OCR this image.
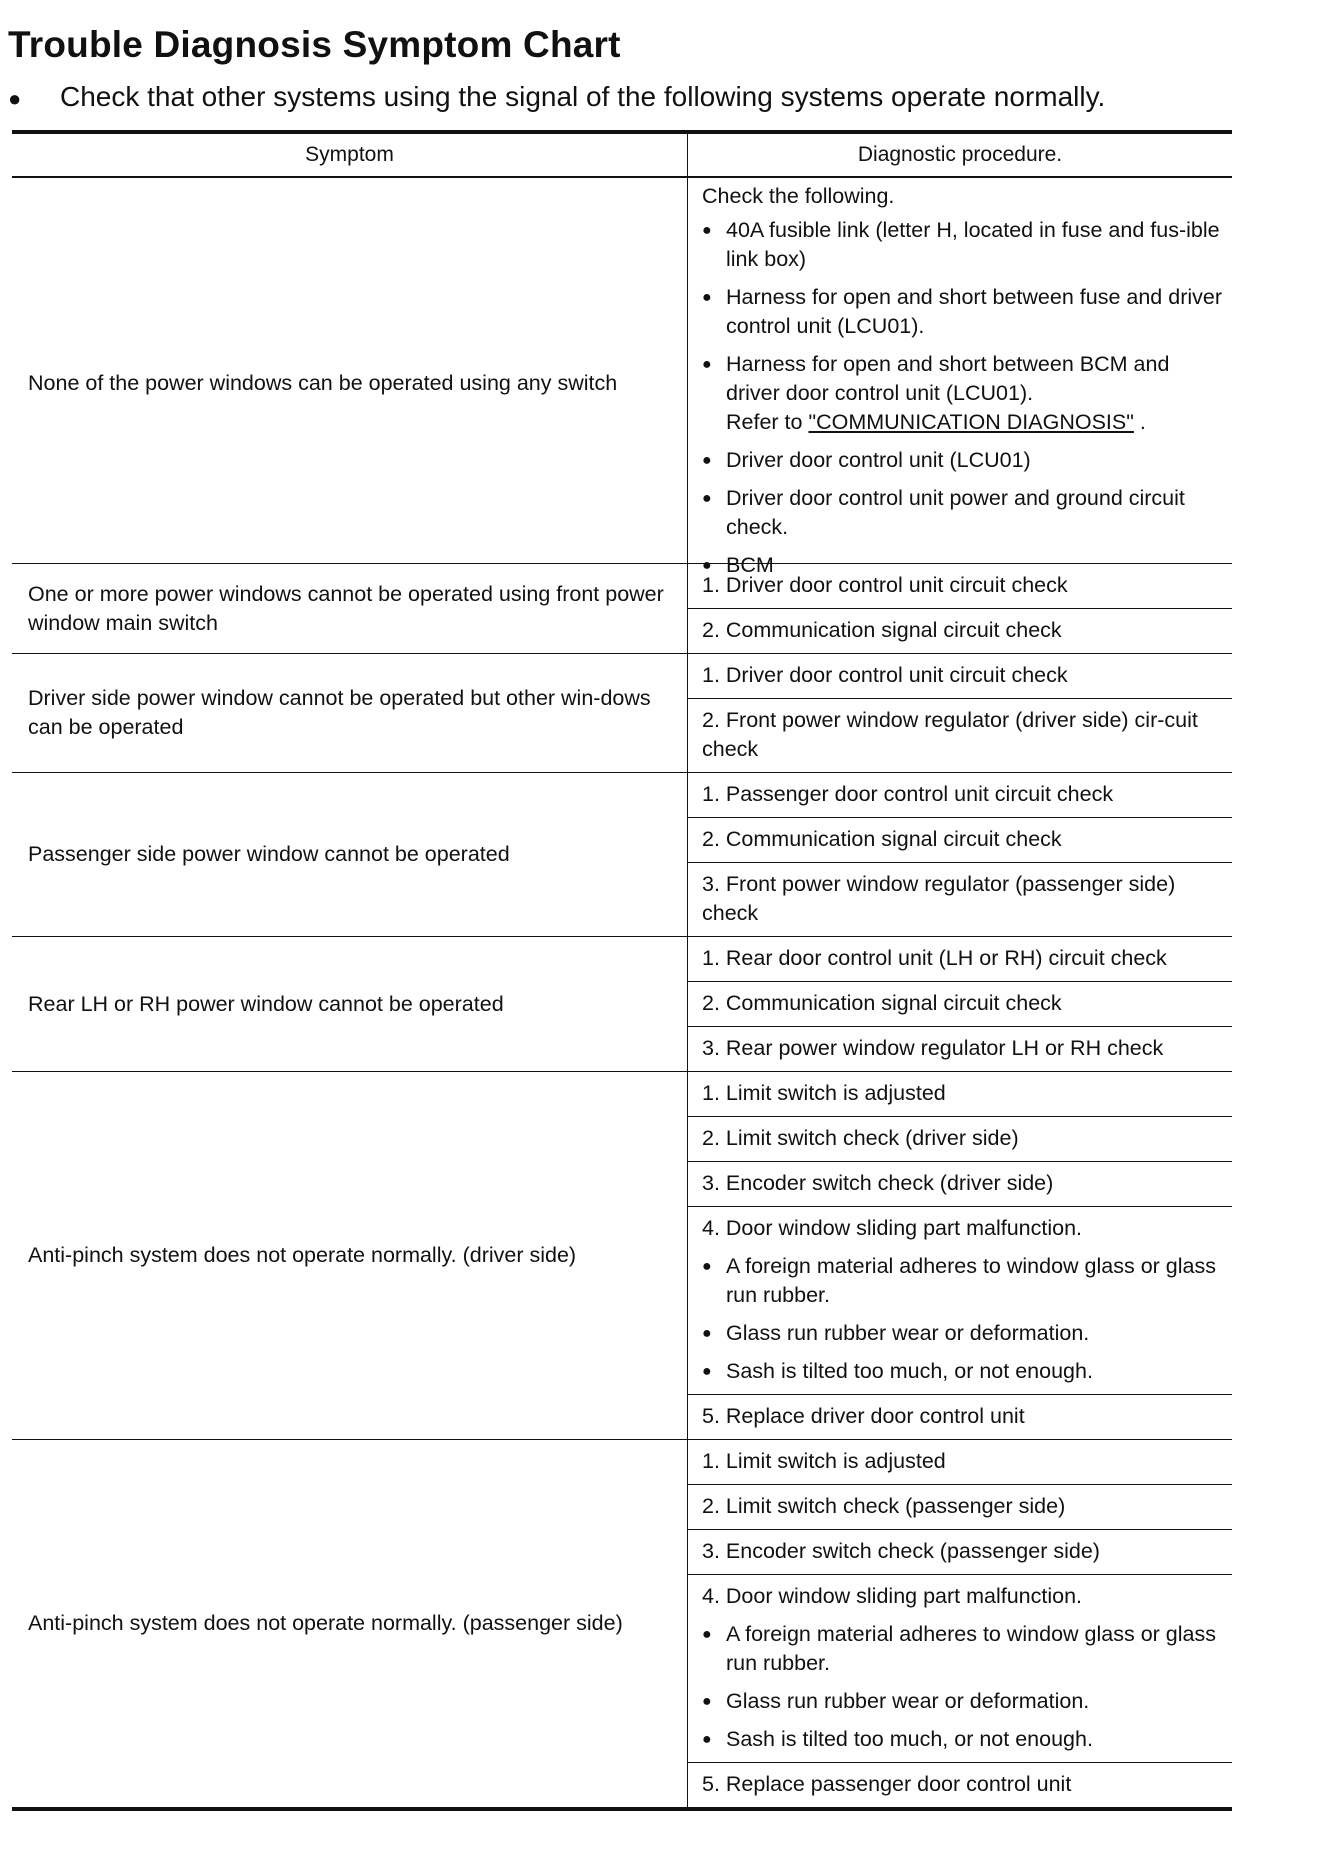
Trouble Diagnosis Symptom Chart
● Check that other systems using the signal of the following systems operate normally.
Symptom	Diagnostic procedure.
None of the power windows can be operated using any switch
Check the following.
● 40A fusible link (letter H, located in fuse and fus-ible link box)
● Harness for open and short between fuse and driver control unit (LCU01).
● Harness for open and short between BCM and driver door control unit (LCU01).
Refer to "COMMUNICATION DIAGNOSIS" .
● Driver door control unit (LCU01)
● Driver door control unit power and ground circuit check.
● BCM
One or more power windows cannot be operated using front power window main switch
1. Driver door control unit circuit check
2. Communication signal circuit check
Driver side power window cannot be operated but other win-dows can be operated
1. Driver door control unit circuit check
2. Front power window regulator (driver side) cir-cuit check
Passenger side power window cannot be operated
1. Passenger door control unit circuit check
2. Communication signal circuit check
3. Front power window regulator (passenger side) check
Rear LH or RH power window cannot be operated
1. Rear door control unit (LH or RH) circuit check
2. Communication signal circuit check
3. Rear power window regulator LH or RH check
Anti-pinch system does not operate normally. (driver side)
1. Limit switch is adjusted
2. Limit switch check (driver side)
3. Encoder switch check (driver side)
4. Door window sliding part malfunction.
● A foreign material adheres to window glass or glass run rubber.
● Glass run rubber wear or deformation.
● Sash is tilted too much, or not enough.
5. Replace driver door control unit
Anti-pinch system does not operate normally. (passenger side)
1. Limit switch is adjusted
2. Limit switch check (passenger side)
3. Encoder switch check (passenger side)
4. Door window sliding part malfunction.
● A foreign material adheres to window glass or glass run rubber.
● Glass run rubber wear or deformation.
● Sash is tilted too much, or not enough.
5. Replace passenger door control unit
